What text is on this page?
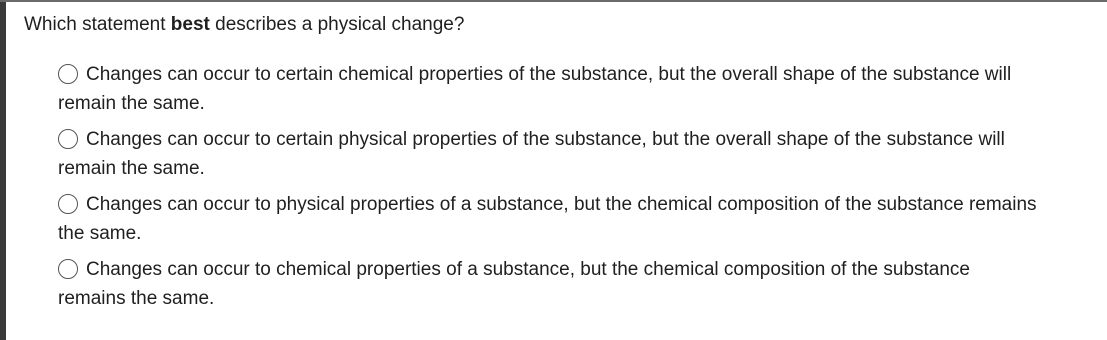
Which statement best describes a physical change?
Changes can occur to certain chemical properties of the substance, but the overall shape of the substance will
remain the same.
Changes can occur to certain physical properties of the substance, but the overall shape of the substance will
remain the same.
Changes can occur to physical properties of a substance, but the chemical composition of the substance remains
the same.
Changes can occur to chemical properties of a substance, but the chemical composition of the substance
remains the same.
